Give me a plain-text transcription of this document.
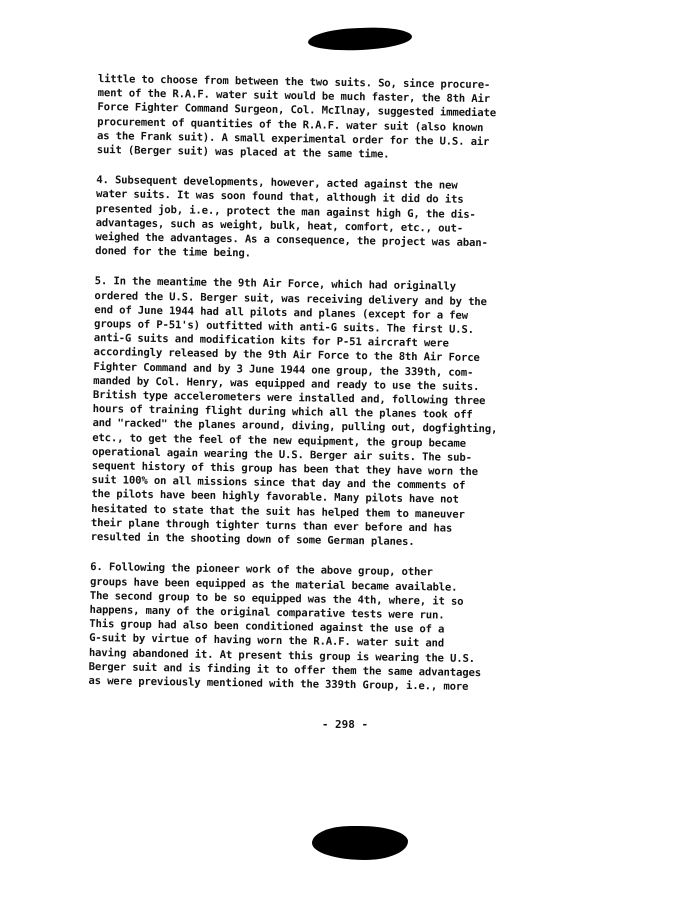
little to choose from between the two suits. So, since procure-
ment of the R.A.F. water suit would be much faster, the 8th Air
Force Fighter Command Surgeon, Col. McIlnay, suggested immediate
procurement of quantities of the R.A.F. water suit (also known
as the Frank suit). A small experimental order for the U.S. air
suit (Berger suit) was placed at the same time.

4. Subsequent developments, however, acted against the new
water suits. It was soon found that, although it did do its
presented job, i.e., protect the man against high G, the dis-
advantages, such as weight, bulk, heat, comfort, etc., out-
weighed the advantages. As a consequence, the project was aban-
doned for the time being.

5. In the meantime the 9th Air Force, which had originally
ordered the U.S. Berger suit, was receiving delivery and by the
end of June 1944 had all pilots and planes (except for a few
groups of P-51's) outfitted with anti-G suits. The first U.S.
anti-G suits and modification kits for P-51 aircraft were
accordingly released by the 9th Air Force to the 8th Air Force
Fighter Command and by 3 June 1944 one group, the 339th, com-
manded by Col. Henry, was equipped and ready to use the suits.
British type accelerometers were installed and, following three
hours of training flight during which all the planes took off
and "racked" the planes around, diving, pulling out, dogfighting,
etc., to get the feel of the new equipment, the group became
operational again wearing the U.S. Berger air suits. The sub-
sequent history of this group has been that they have worn the
suit 100% on all missions since that day and the comments of
the pilots have been highly favorable. Many pilots have not
hesitated to state that the suit has helped them to maneuver
their plane through tighter turns than ever before and has
resulted in the shooting down of some German planes.

6. Following the pioneer work of the above group, other
groups have been equipped as the material became available.
The second group to be so equipped was the 4th, where, it so
happens, many of the original comparative tests were run.
This group had also been conditioned against the use of a
G-suit by virtue of having worn the R.A.F. water suit and
having abandoned it. At present this group is wearing the U.S.
Berger suit and is finding it to offer them the same advantages
as were previously mentioned with the 339th Group, i.e., more

- 298 -
